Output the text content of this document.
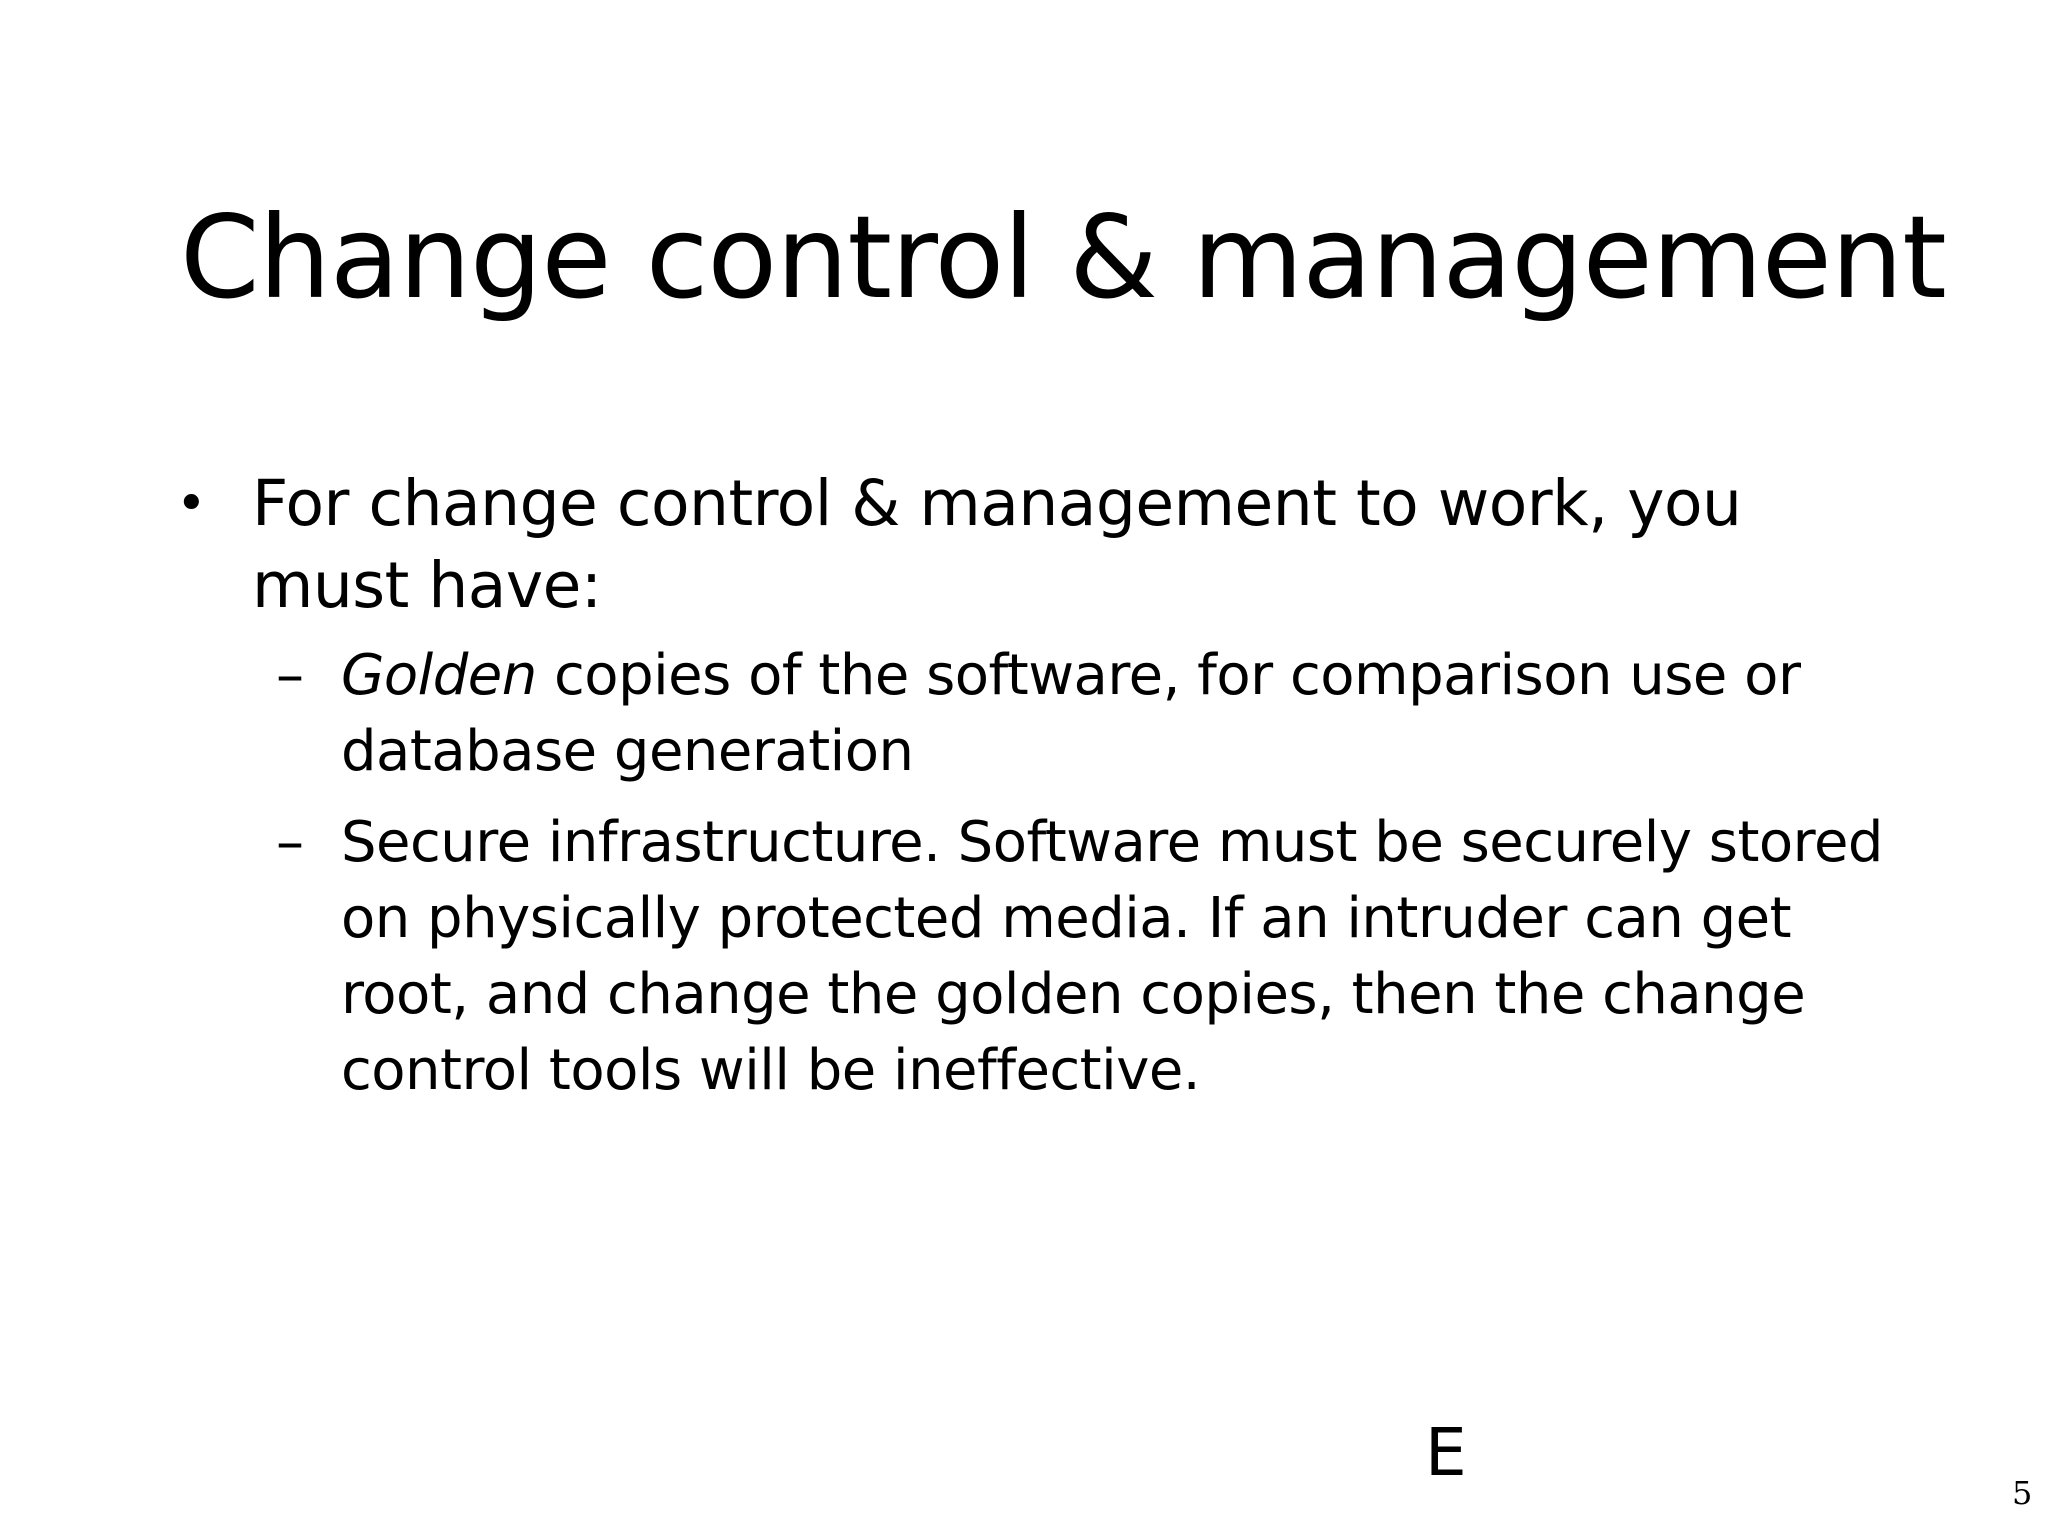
Change control & management
• For change control & management to work, you must have:
– Golden copies of the software, for comparison use or database generation
– Secure infrastructure. Software must be securely stored on physically protected media. If an intruder can get root, and change the golden copies, then the change control tools will be ineffective.
E
5
